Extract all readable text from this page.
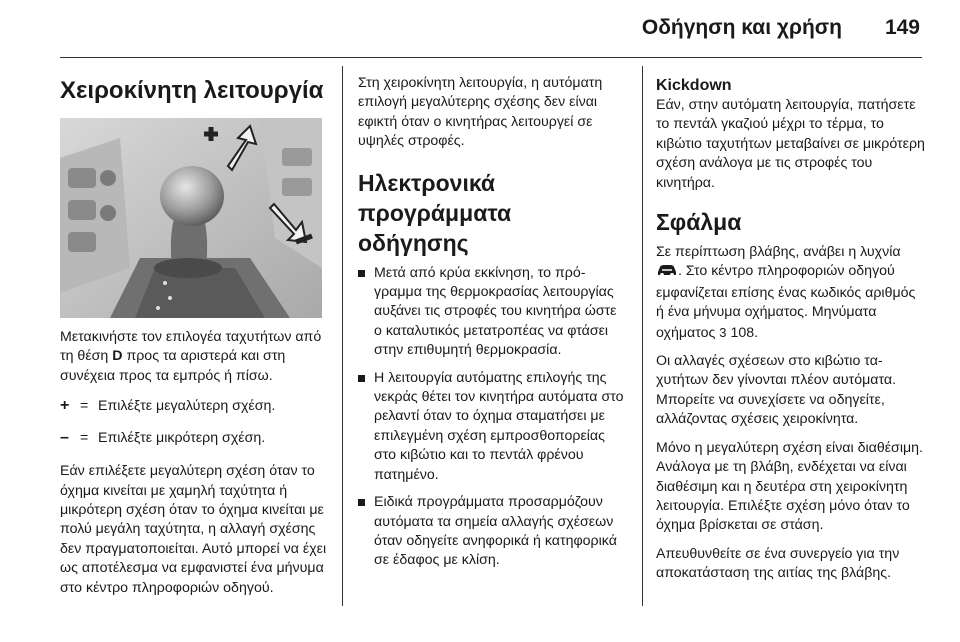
Οδήγηση και χρήση 149
Χειροκίνητη λειτουργία

Μετακινήστε τον επιλογέα ταχυτήτων από τη θέση D προς τα αριστερά και στη συνέχεια προς τα εμπρός ή πίσω.

+ = Επιλέξτε μεγαλύτερη σχέση.
– = Επιλέξτε μικρότερη σχέση.

Εάν επιλέξετε μεγαλύτερη σχέση όταν το όχημα κινείται με χαμηλή ταχύτητα ή μικρότερη σχέση όταν το όχημα κινείται με πολύ μεγάλη ταχύτητα, η αλλαγή σχέσης δεν πραγματοποιείται. Αυτό μπορεί να έχει ως αποτέλεσμα να εμφανιστεί ένα μήνυμα στο κέντρο πληροφοριών οδηγού.

Στη χειροκίνητη λειτουργία, η αυτόματη επιλογή μεγαλύτερης σχέσης δεν είναι εφικτή όταν ο κινητήρας λειτουργεί σε υψηλές στροφές.

Ηλεκτρονικά προγράμματα οδήγησης

Μετά από κρύα εκκίνηση, το πρόγραμμα της θερμοκρασίας λειτουργίας αυξάνει τις στροφές του κινητήρα ώστε ο καταλυτικός μετατροπέας να φτάσει στην επιθυμητή θερμοκρασία.

Η λειτουργία αυτόματης επιλογής της νεκράς θέτει τον κινητήρα αυτόματα στο ρελαντί όταν το όχημα σταματήσει με επιλεγμένη σχέση εμπροσθοπορείας στο κιβώτιο και το πεντάλ φρένου πατημένο.

Ειδικά προγράμματα προσαρμόζουν αυτόματα τα σημεία αλλαγής σχέσεων όταν οδηγείτε ανηφορικά ή κατηφορικά σε έδαφος με κλίση.

Kickdown

Εάν, στην αυτόματη λειτουργία, πατήσετε το πεντάλ γκαζιού μέχρι το τέρμα, το κιβώτιο ταχυτήτων μεταβαίνει σε μικρότερη σχέση ανάλογα με τις στροφές του κινητήρα.

Σφάλμα

Σε περίπτωση βλάβης, ανάβει η λυχνία . Στο κέντρο πληροφοριών οδηγού εμφανίζεται επίσης ένας κωδικός αριθμός ή ένα μήνυμα οχήματος. Μηνύματα οχήματος 3 108.

Οι αλλαγές σχέσεων στο κιβώτιο ταχυτήτων δεν γίνονται πλέον αυτόματα. Μπορείτε να συνεχίσετε να οδηγείτε, αλλάζοντας σχέσεις χειροκίνητα.

Μόνο η μεγαλύτερη σχέση είναι διαθέσιμη. Ανάλογα με τη βλάβη, ενδέχεται να είναι διαθέσιμη και η δευτέρα στη χειροκίνητη λειτουργία. Επιλέξτε σχέση μόνο όταν το όχημα βρίσκεται σε στάση.

Απευθυνθείτε σε ένα συνεργείο για την αποκατάσταση της αιτίας της βλάβης.
